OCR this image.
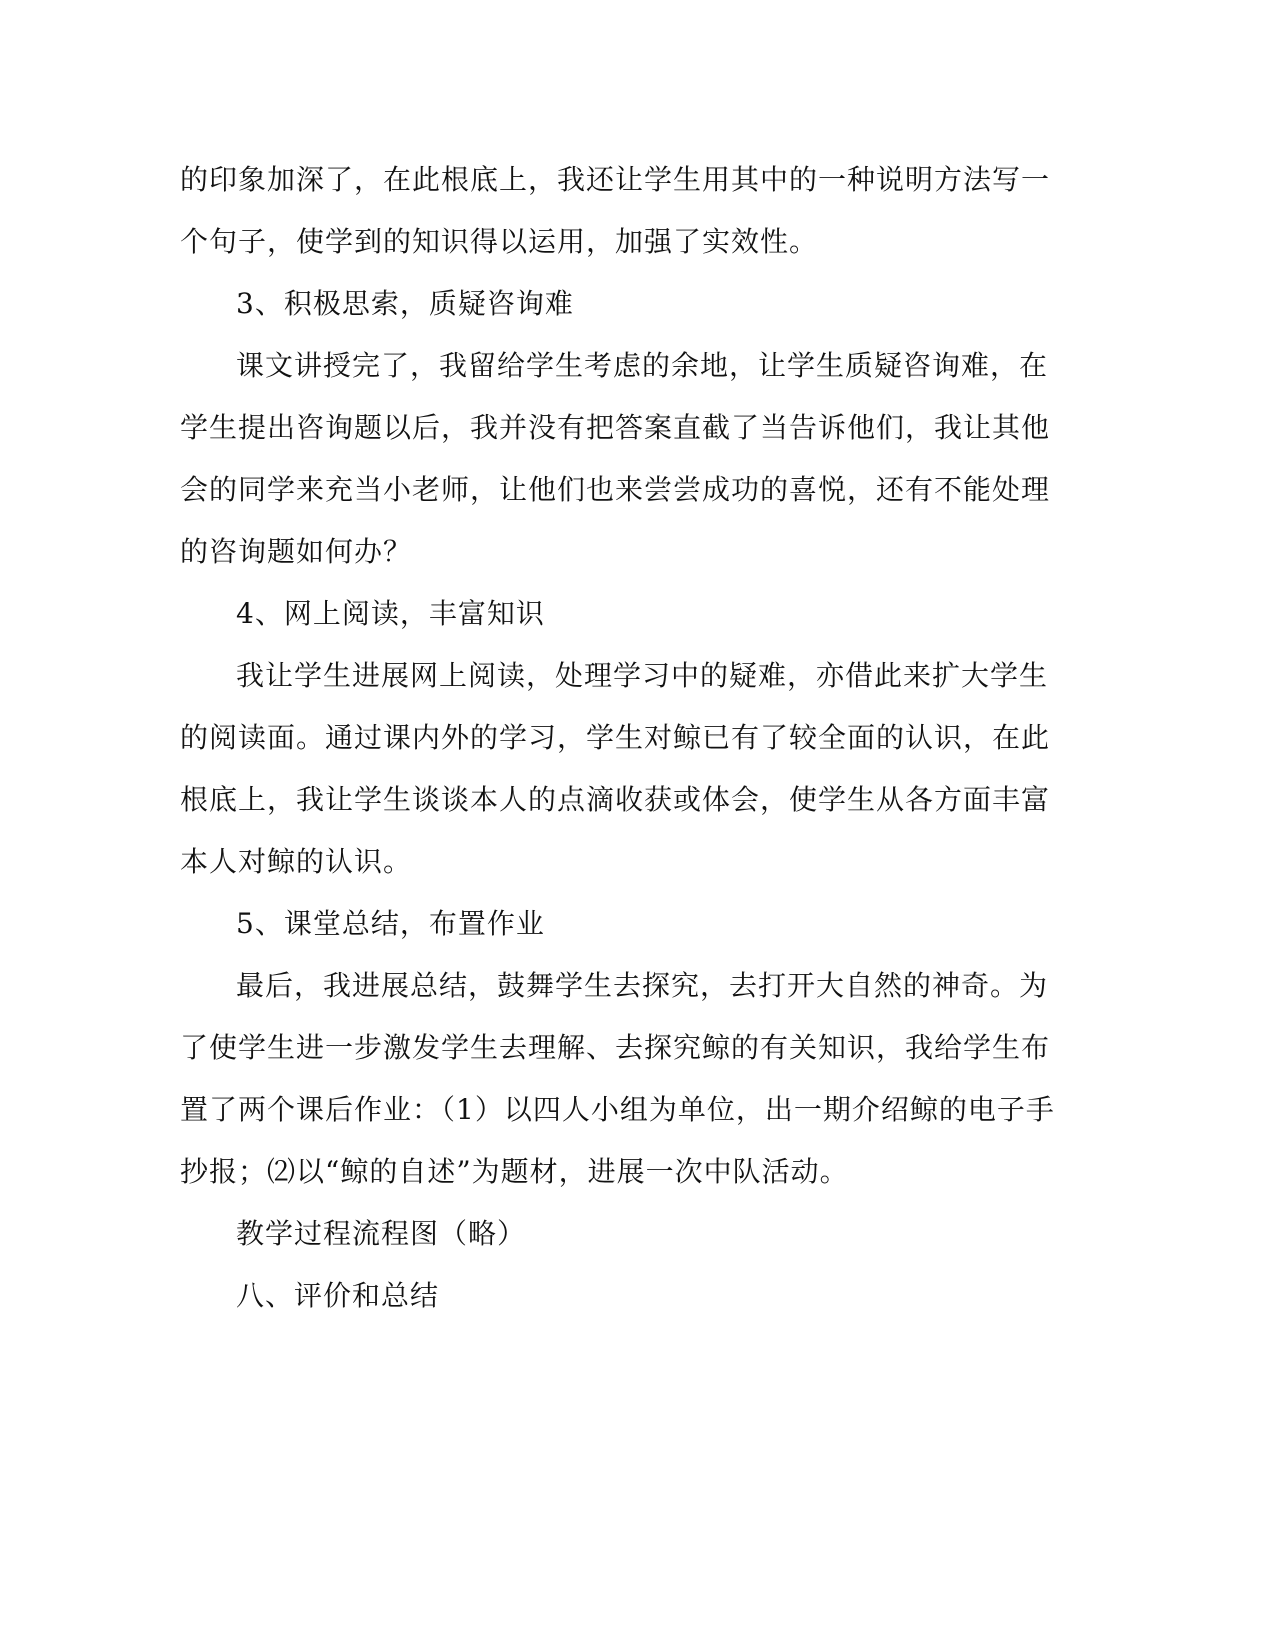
的印象加深了，在此根底上，我还让学生用其中的一种说明方法写一
个句子，使学到的知识得以运用，加强了实效性。
3、积极思索，质疑咨询难
课文讲授完了，我留给学生考虑的余地，让学生质疑咨询难，在
学生提出咨询题以后，我并没有把答案直截了当告诉他们，我让其他
会的同学来充当小老师，让他们也来尝尝成功的喜悦，还有不能处理
的咨询题如何办？
4、网上阅读，丰富知识
我让学生进展网上阅读，处理学习中的疑难，亦借此来扩大学生
的阅读面。通过课内外的学习，学生对鲸已有了较全面的认识，在此
根底上，我让学生谈谈本人的点滴收获或体会，使学生从各方面丰富
本人对鲸的认识。
5、课堂总结，布置作业
最后，我进展总结，鼓舞学生去探究，去打开大自然的神奇。为
了使学生进一步激发学生去理解、去探究鲸的有关知识，我给学生布
置了两个课后作业：（1）以四人小组为单位，出一期介绍鲸的电子手
抄报；⑵以“鲸的自述”为题材，进展一次中队活动。
教学过程流程图（略）
八、评价和总结
